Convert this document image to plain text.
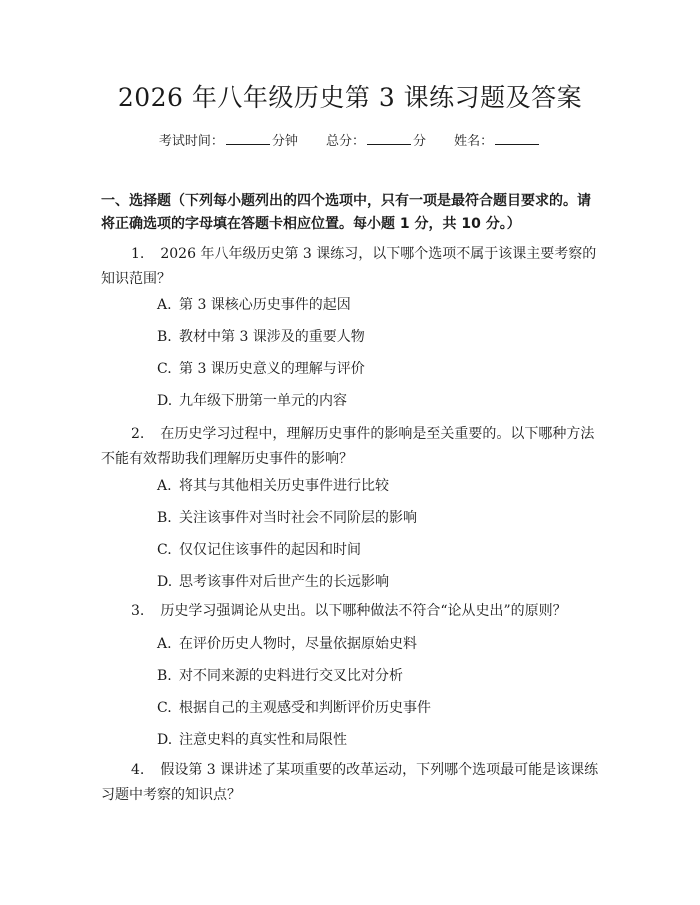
2026 年八年级历史第 3 课练习题及答案
考试时间：	分钟 总分：	分 姓名：
一、选择题（下列每小题列出的四个选项中，只有一项是最符合题目要求的。请将正确选项的字母填在答题卡相应位置。每小题 1 分，共 10 分。）
1. 2026 年八年级历史第 3 课练习，以下哪个选项不属于该课主要考察的知识范围？
A. 第 3 课核心历史事件的起因
B. 教材中第 3 课涉及的重要人物
C. 第 3 课历史意义的理解与评价
D. 九年级下册第一单元的内容
2. 在历史学习过程中，理解历史事件的影响是至关重要的。以下哪种方法不能有效帮助我们理解历史事件的影响？
A. 将其与其他相关历史事件进行比较
B. 关注该事件对当时社会不同阶层的影响
C. 仅仅记住该事件的起因和时间
D. 思考该事件对后世产生的长远影响
3. 历史学习强调论从史出。以下哪种做法不符合“论从史出”的原则？
A. 在评价历史人物时，尽量依据原始史料
B. 对不同来源的史料进行交叉比对分析
C. 根据自己的主观感受和判断评价历史事件
D. 注意史料的真实性和局限性
4. 假设第 3 课讲述了某项重要的改革运动，下列哪个选项最可能是该课练习题中考察的知识点？
